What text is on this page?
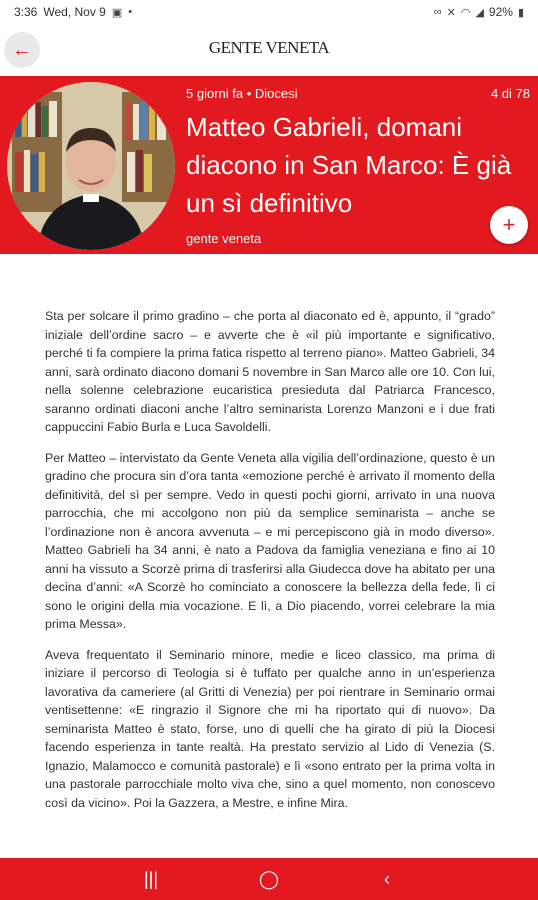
3:36 Wed, Nov 9 ▣ •	∞ ✕ ◠ ◢ 92% ▮
←	GENTE VENETA
5 giorni fa • Diocesi	4 di 78
Matteo Gabrieli, domani diacono in San Marco: È già un sì definitivo
gente veneta
+

Sta per solcare il primo gradino – che porta al diaconato ed è, appunto, il “grado” iniziale dell’ordine sacro – e avverte che è «il più importante e significativo, perché ti fa compiere la prima fatica rispetto al terreno piano». Matteo Gabrieli, 34 anni, sarà ordinato diacono domani 5 novembre in San Marco alle ore 10. Con lui, nella solenne celebrazione eucaristica presieduta dal Patriarca Francesco, saranno ordinati diaconi anche l’altro seminarista Lorenzo Manzoni e i due frati cappuccini Fabio Burla e Luca Savoldelli.

Per Matteo – intervistato da Gente Veneta alla vigilia dell’ordinazione, questo è un gradino che procura sin d’ora tanta «emozione perché è arrivato il momento della definitività, del sì per sempre. Vedo in questi pochi giorni, arrivato in una nuova parrocchia, che mi accolgono non più da semplice seminarista – anche se l’ordinazione non è ancora avvenuta – e mi percepiscono già in modo diverso». Matteo Gabrieli ha 34 anni, è nato a Padova da famiglia veneziana e fino ai 10 anni ha vissuto a Scorzè prima di trasferirsi alla Giudecca dove ha abitato per una decina d’anni: «A Scorzè ho cominciato a conoscere la bellezza della fede, lì ci sono le origini della mia vocazione. E lì, a Dio piacendo, vorrei celebrare la mia prima Messa».

Aveva frequentato il Seminario minore, medie e liceo classico, ma prima di iniziare il percorso di Teologia si è tuffato per qualche anno in un’esperienza lavorativa da cameriere (al Gritti di Venezia) per poi rientrare in Seminario ormai ventisettenne: «E ringrazio il Signore che mi ha riportato qui di nuovo». Da seminarista Matteo è stato, forse, uno di quelli che ha girato di più la Diocesi facendo esperienza in tante realtà. Ha prestato servizio al Lido di Venezia (S. Ignazio, Malamocco e comunità pastorale) e lì «sono entrato per la prima volta in una pastorale parrocchiale molto viva che, sino a quel momento, non conoscevo così da vicino». Poi la Gazzera, a Mestre, e infine Mira.

|||	◯	‹
